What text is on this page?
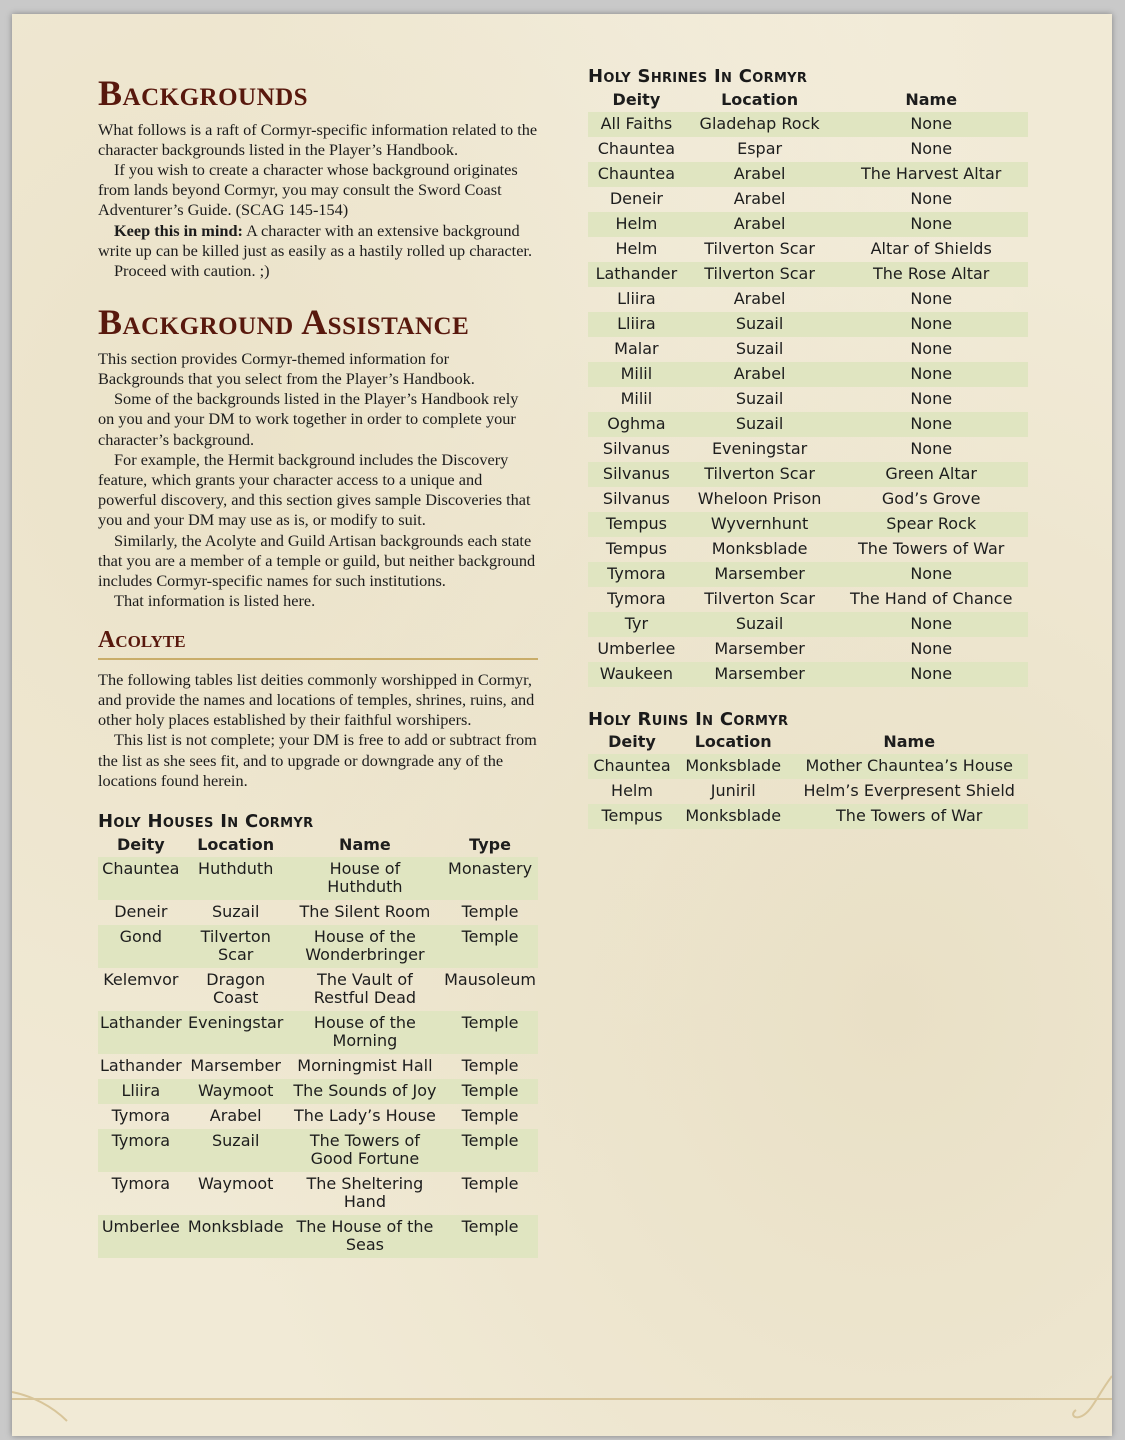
Backgrounds

What follows is a raft of Cormyr-specific information related to the character backgrounds listed in the Player’s Handbook.

If you wish to create a character whose background originates from lands beyond Cormyr, you may consult the Sword Coast Adventurer’s Guide. (SCAG 145-154)

Keep this in mind: A character with an extensive background write up can be killed just as easily as a hastily rolled up character.

Proceed with caution. ;)

Background Assistance

This section provides Cormyr-themed information for Backgrounds that you select from the Player’s Handbook.

Some of the backgrounds listed in the Player’s Handbook rely on you and your DM to work together in order to complete your character’s background.

For example, the Hermit background includes the Discovery feature, which grants your character access to a unique and powerful discovery, and this section gives sample Discoveries that you and your DM may use as is, or modify to suit.

Similarly, the Acolyte and Guild Artisan backgrounds each state that you are a member of a temple or guild, but neither background includes Cormyr-specific names for such institutions.

That information is listed here.

Acolyte

The following tables list deities commonly worshipped in Cormyr, and provide the names and locations of temples, shrines, ruins, and other holy places established by their faithful worshipers.

This list is not complete; your DM is free to add or subtract from the list as she sees fit, and to upgrade or downgrade any of the locations found herein.

Holy Houses In Cormyr
Deity	Location	Name	Type
Chauntea	Huthduth	House of Huthduth	Monastery
Deneir	Suzail	The Silent Room	Temple
Gond	Tilverton Scar	House of the Wonderbringer	Temple
Kelemvor	Dragon Coast	The Vault of Restful Dead	Mausoleum
Lathander	Eveningstar	House of the Morning	Temple
Lathander	Marsember	Morningmist Hall	Temple
Lliira	Waymoot	The Sounds of Joy	Temple
Tymora	Arabel	The Lady’s House	Temple
Tymora	Suzail	The Towers of Good Fortune	Temple
Tymora	Waymoot	The Sheltering Hand	Temple
Umberlee	Monksblade	The House of the Seas	Temple
Holy Shrines In Cormyr
Deity	Location	Name
All Faiths	Gladehap Rock	None
Chauntea	Espar	None
Chauntea	Arabel	The Harvest Altar
Deneir	Arabel	None
Helm	Arabel	None
Helm	Tilverton Scar	Altar of Shields
Lathander	Tilverton Scar	The Rose Altar
Lliira	Arabel	None
Lliira	Suzail	None
Malar	Suzail	None
Milil	Arabel	None
Milil	Suzail	None
Oghma	Suzail	None
Silvanus	Eveningstar	None
Silvanus	Tilverton Scar	Green Altar
Silvanus	Wheloon Prison	God’s Grove
Tempus	Wyvernhunt	Spear Rock
Tempus	Monksblade	The Towers of War
Tymora	Marsember	None
Tymora	Tilverton Scar	The Hand of Chance
Tyr	Suzail	None
Umberlee	Marsember	None
Waukeen	Marsember	None
Holy Ruins In Cormyr
Deity	Location	Name
Chauntea	Monksblade	Mother Chauntea’s House
Helm	Juniril	Helm’s Everpresent Shield
Tempus	Monksblade	The Towers of War
